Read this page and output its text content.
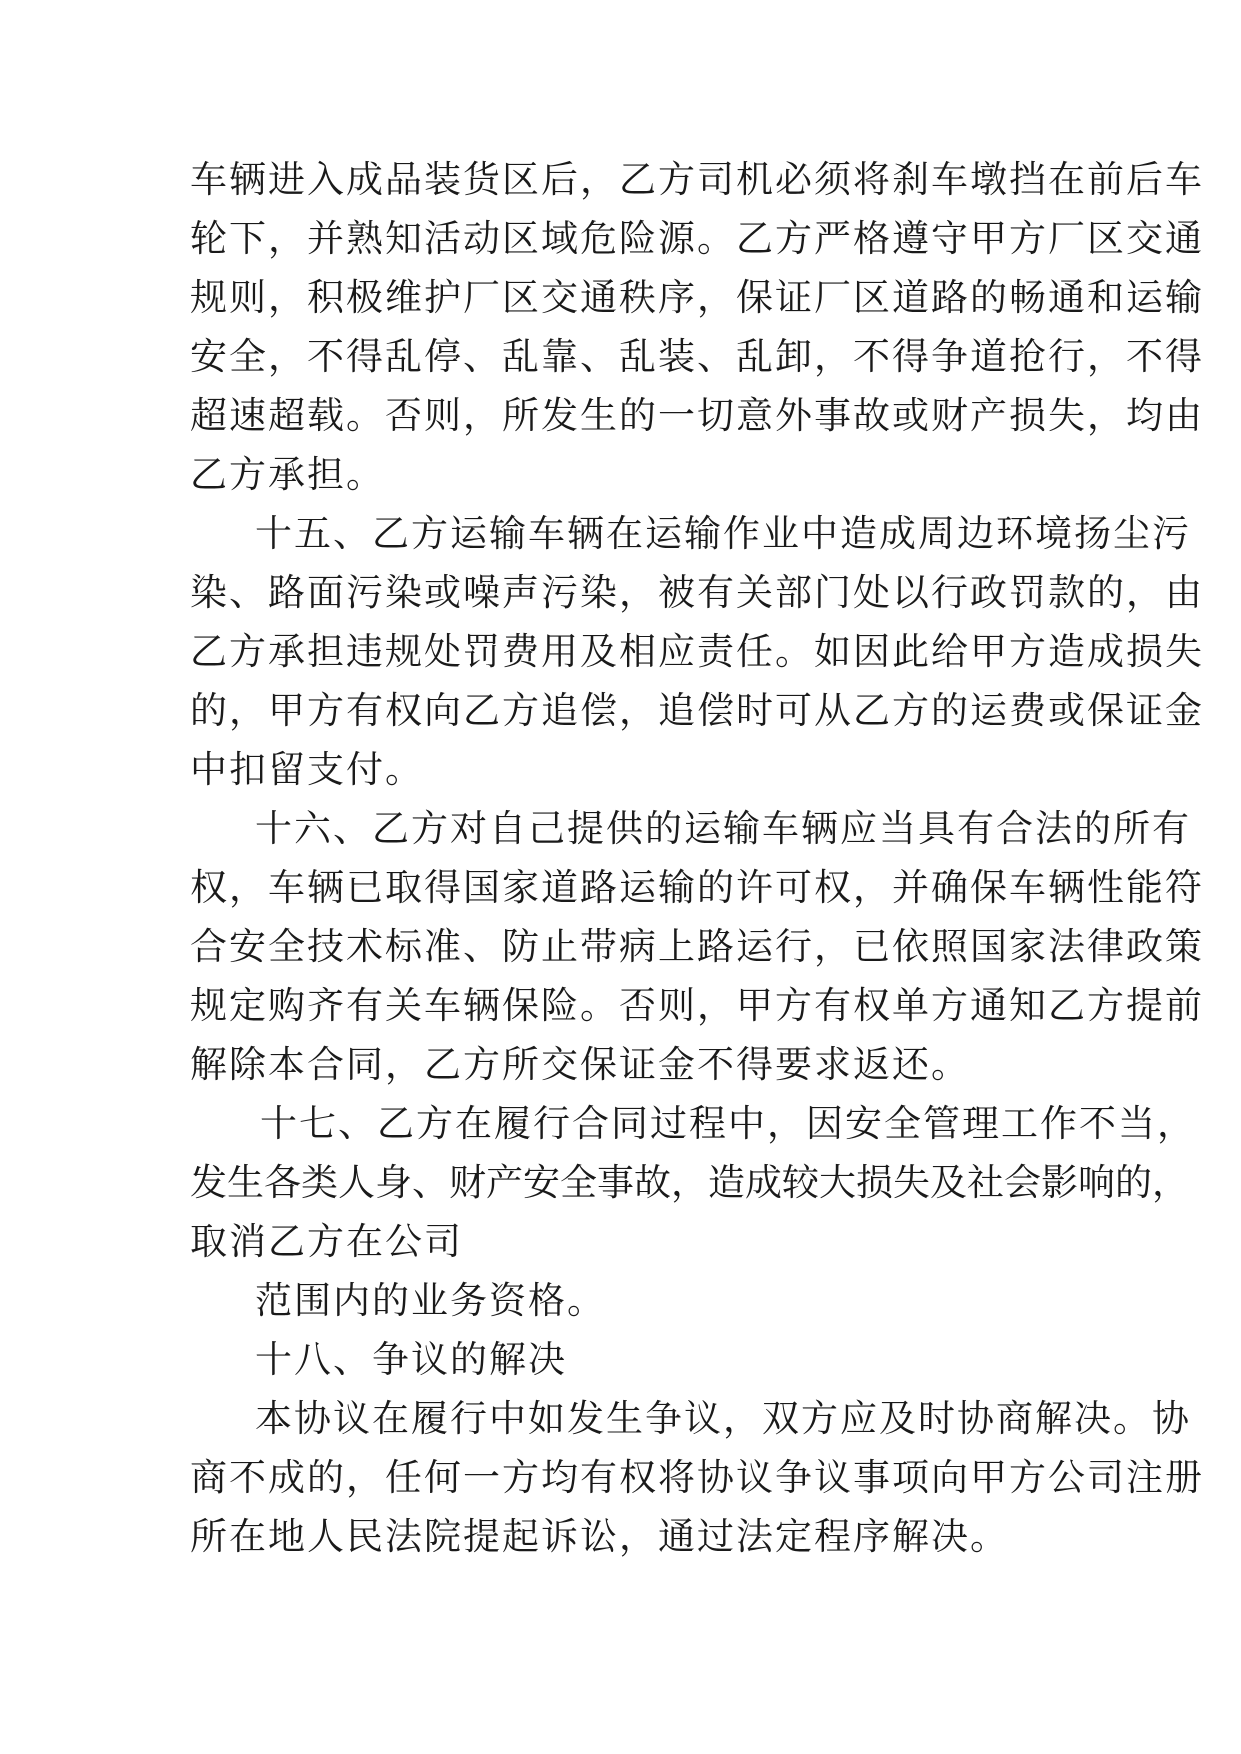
车辆进入成品装货区后，乙方司机必须将刹车墩挡在前后车
轮下，并熟知活动区域危险源。乙方严格遵守甲方厂区交通
规则，积极维护厂区交通秩序，保证厂区道路的畅通和运输
安全，不得乱停、乱靠、乱装、乱卸，不得争道抢行，不得
超速超载。否则，所发生的一切意外事故或财产损失，均由
乙方承担。
十五、乙方运输车辆在运输作业中造成周边环境扬尘污
染、路面污染或噪声污染，被有关部门处以行政罚款的，由
乙方承担违规处罚费用及相应责任。如因此给甲方造成损失
的，甲方有权向乙方追偿，追偿时可从乙方的运费或保证金
中扣留支付。
十六、乙方对自己提供的运输车辆应当具有合法的所有
权，车辆已取得国家道路运输的许可权，并确保车辆性能符
合安全技术标准、防止带病上路运行，已依照国家法律政策
规定购齐有关车辆保险。否则，甲方有权单方通知乙方提前
解除本合同，乙方所交保证金不得要求返还。
十七、乙方在履行合同过程中，因安全管理工作不当，
发生各类人身、财产安全事故，造成较大损失及社会影响的，
取消乙方在公司
范围内的业务资格。
十八、争议的解决
本协议在履行中如发生争议，双方应及时协商解决。协
商不成的，任何一方均有权将协议争议事项向甲方公司注册
所在地人民法院提起诉讼，通过法定程序解决。
